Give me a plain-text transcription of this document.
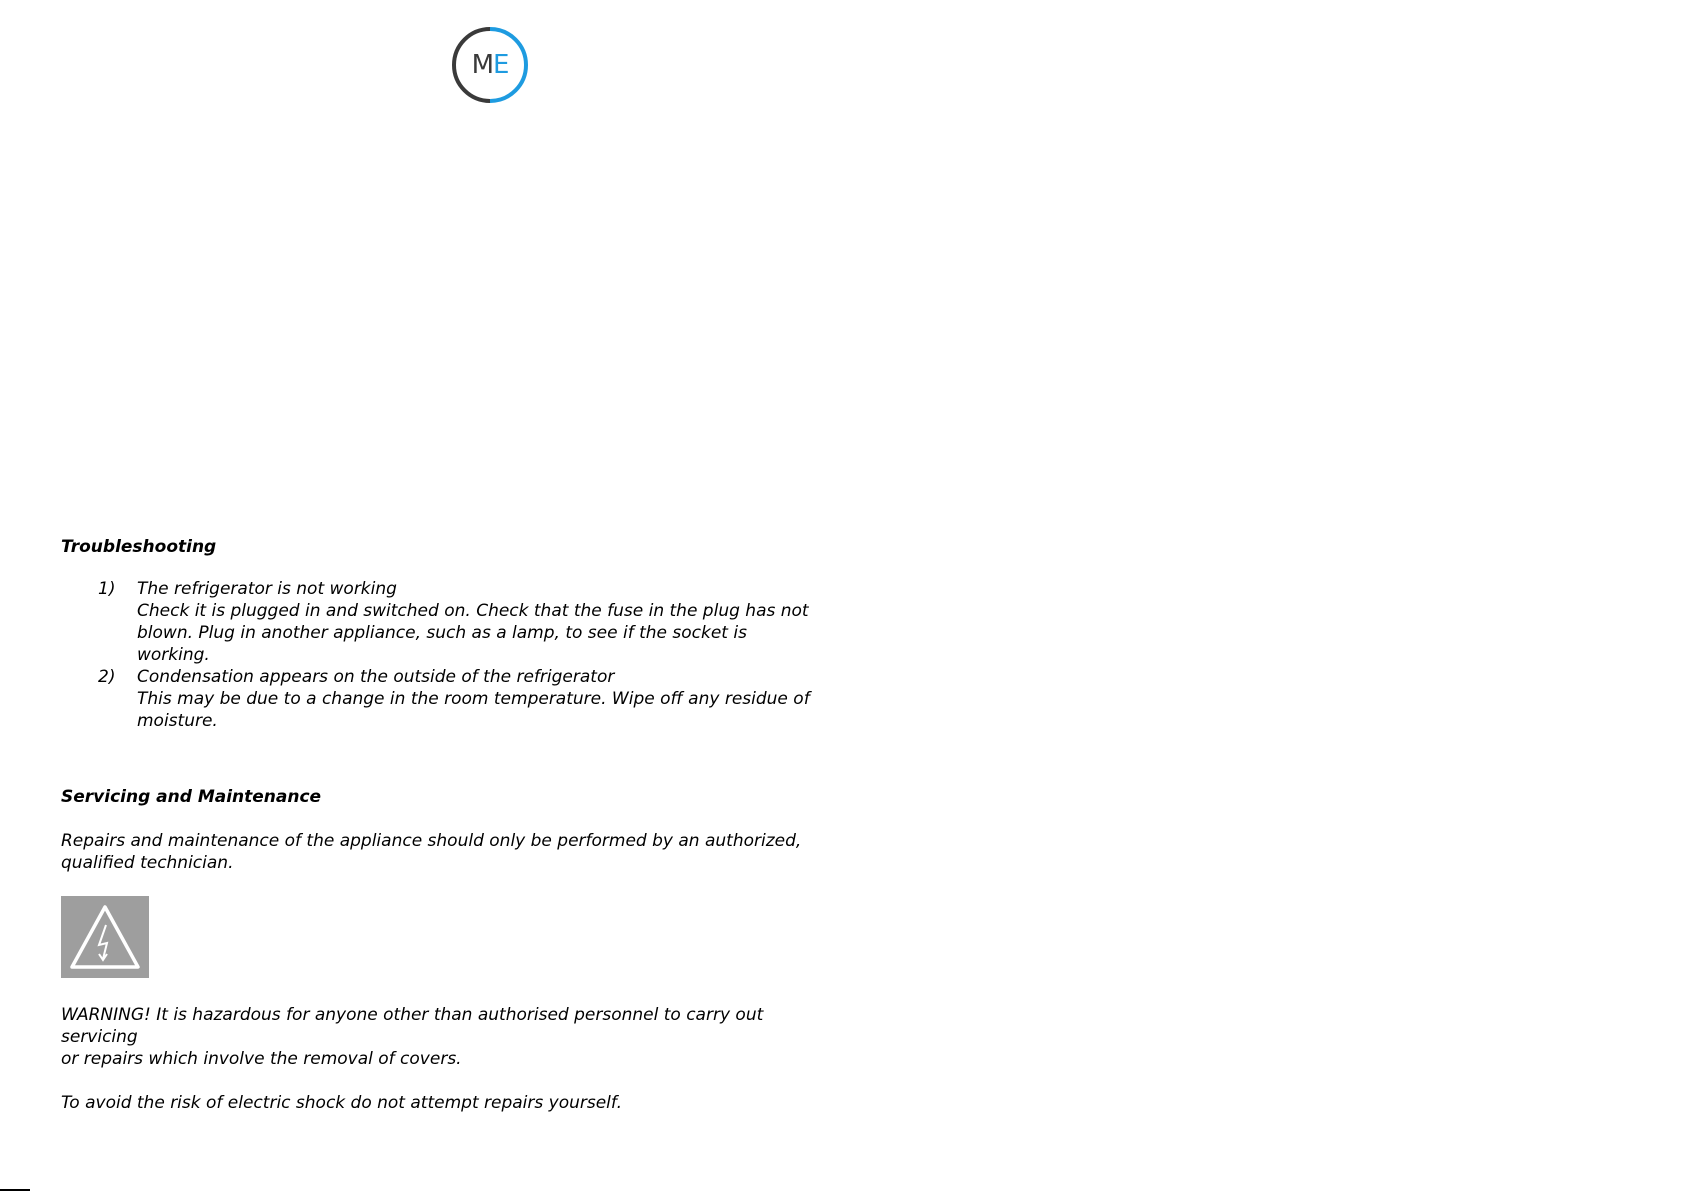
M E

Troubleshooting

1) The refrigerator is not working
Check it is plugged in and switched on. Check that the fuse in the plug has not
blown. Plug in another appliance, such as a lamp, to see if the socket is working.
2) Condensation appears on the outside of the refrigerator
This may be due to a change in the room temperature. Wipe off any residue of
moisture.

Servicing and Maintenance

Repairs and maintenance of the appliance should only be performed by an authorized,

qualified technician.

WARNING! It is hazardous for anyone other than authorised personnel to carry out servicing

or repairs which involve the removal of covers.

To avoid the risk of electric shock do not attempt repairs yourself.
